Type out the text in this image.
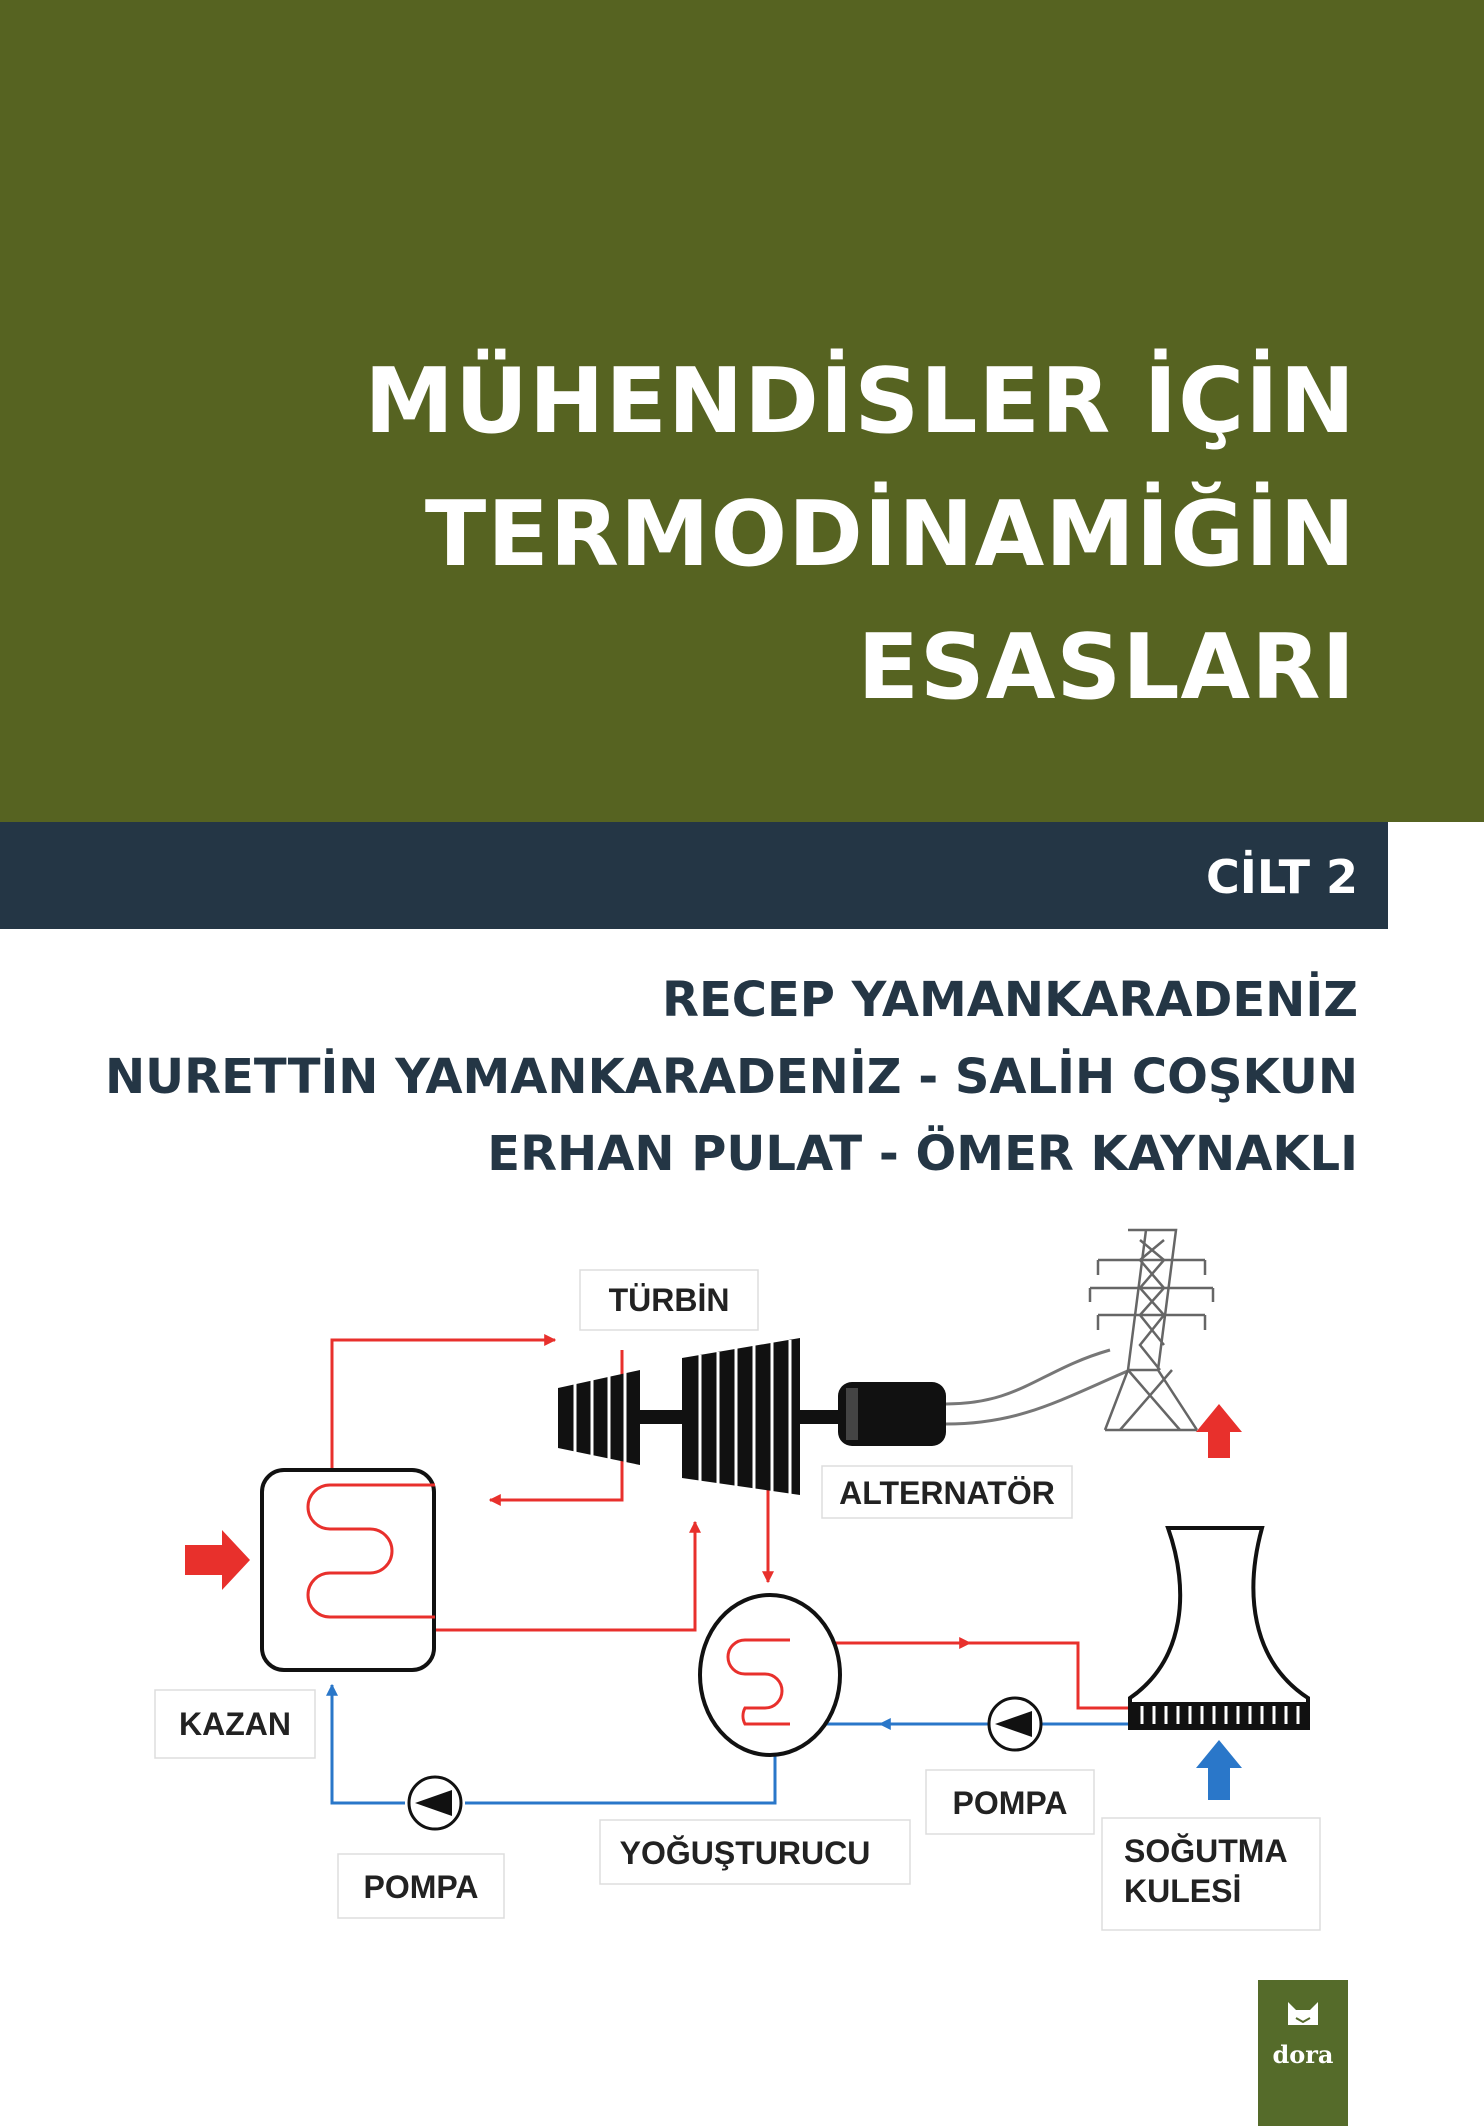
MÜHENDİSLER İÇİN
TERMODİNAMİĞİN
ESASLARI
CİLT 2
RECEP YAMANKARADENİZ
NURETTİN YAMANKARADENİZ - SALİH COŞKUN
ERHAN PULAT - ÖMER KAYNAKLI
TÜRBİN
ALTERNATÖR
KAZAN
POMPA
YOĞUŞTURUCU
POMPA
SOĞUTMA
KULESİ
dora
